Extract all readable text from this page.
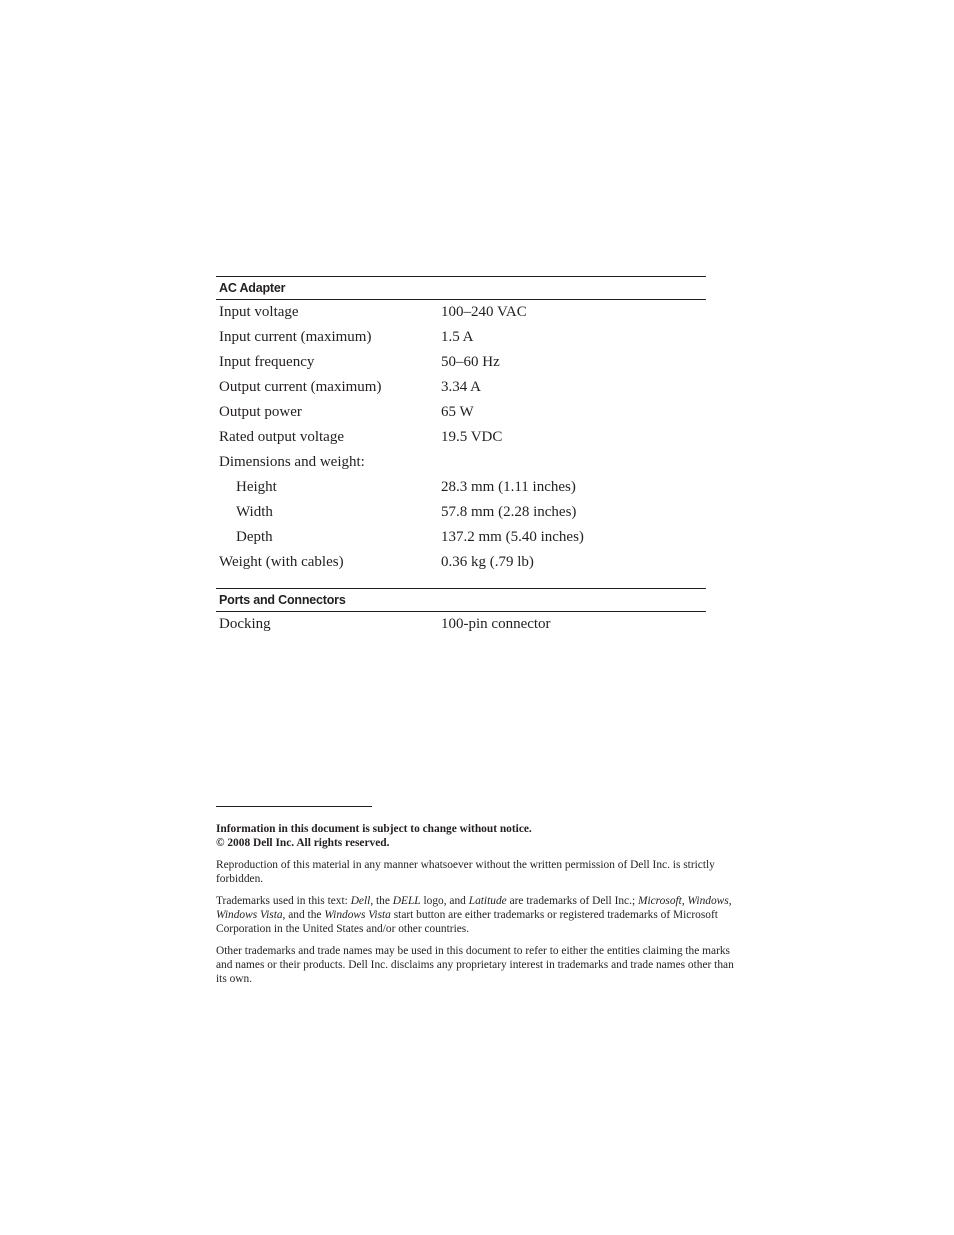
AC Adapter
Input voltage	100–240 VAC
Input current (maximum)	1.5 A
Input frequency	50–60 Hz
Output current (maximum)	3.34 A
Output power	65 W
Rated output voltage	19.5 VDC
Dimensions and weight:
Height	28.3 mm (1.11 inches)
Width	57.8 mm (2.28 inches)
Depth	137.2 mm (5.40 inches)
Weight (with cables)	0.36 kg (.79 lb)
Ports and Connectors
Docking	100-pin connector

Information in this document is subject to change without notice.
© 2008 Dell Inc. All rights reserved.

Reproduction of this material in any manner whatsoever without the written permission of Dell Inc. is strictly forbidden.

Trademarks used in this text: Dell, the DELL logo, and Latitude are trademarks of Dell Inc.; Microsoft, Windows, Windows Vista, and the Windows Vista start button are either trademarks or registered trademarks of Microsoft Corporation in the United States and/or other countries.

Other trademarks and trade names may be used in this document to refer to either the entities claiming the marks and names or their products. Dell Inc. disclaims any proprietary interest in trademarks and trade names other than its own.
